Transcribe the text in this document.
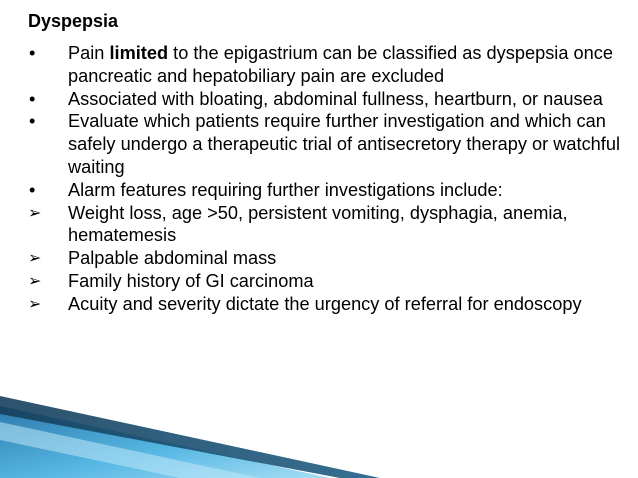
Dyspepsia
•	Pain limited to the epigastrium can be classified as dyspepsia once pancreatic and hepatobiliary pain are excluded
•	Associated with bloating, abdominal fullness, heartburn, or nausea
•	Evaluate which patients require further investigation and which can safely undergo a therapeutic trial of antisecretory therapy or watchful waiting
•	Alarm features requiring further investigations include:
➢	Weight loss, age >50, persistent vomiting, dysphagia, anemia, hematemesis
➢	Palpable abdominal mass
➢	Family history of GI carcinoma
➢	Acuity and severity dictate the urgency of referral for endoscopy
